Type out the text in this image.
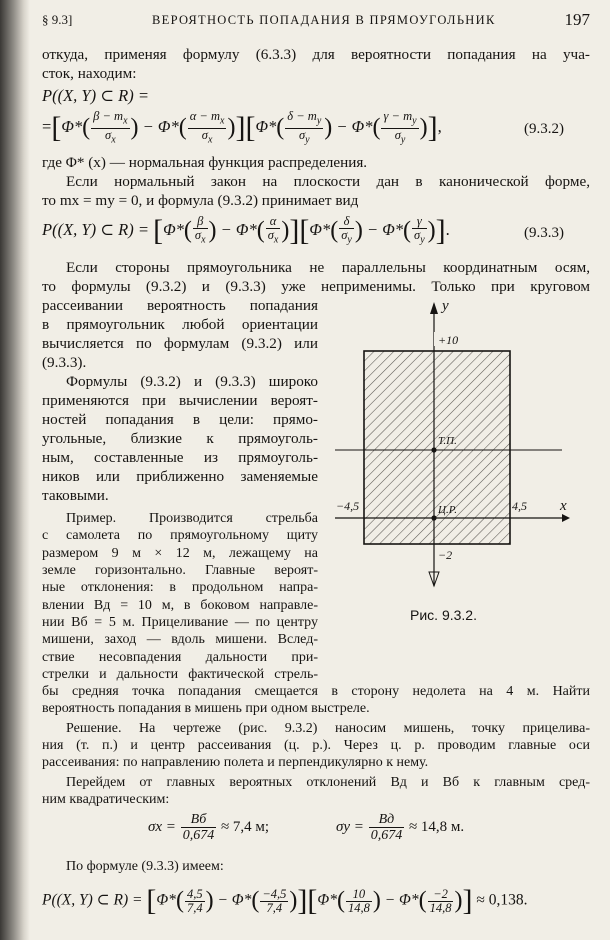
§ 9.3]	ВЕРОЯТНОСТЬ ПОПАДАНИЯ В ПРЯМОУГОЛЬНИК	197
откуда, применяя формулу (6.3.3) для вероятности попадания на уча-
сток, находим:
P((X, Y) ⊂ R) =
$=[\Phi*( \frac{\beta - m_x}{\sigma_x}$ ) − $\Phi*( \frac{\alpha - m_x}{\sigma_x} )][\Phi*( \frac{\delta - m_y}{\sigma_y}$ ) − $\Phi*( \frac{\gamma - m_y}{\sigma_y}$ )],	(9.3.2)
где Φ* (x) — нормальная функция распределения.
Если нормальный закон на плоскости дан в канонической форме,
то mx = my = 0, и формула (9.3.2) принимает вид
P((X, Y) ⊂ $R) = [\Phi*( \frac{\beta}{\sigma_x}$ ) − $\Phi*( \frac{\alpha}{\sigma_x} )][\Phi*( \frac{\delta}{\sigma_y}$ ) − $\Phi*( \frac{\gamma}{\sigma_y}$ )].	(9.3.3)
Если стороны прямоугольника не параллельны координатным осям,
то формулы (9.3.2) и (9.3.3) уже неприменимы. Только при круговом
рассеивании вероятность попадания
в прямоугольник любой ориентации
вычисляется по формулам (9.3.2) или
(9.3.3).
Формулы (9.3.2) и (9.3.3) широко
применяются при вычислении вероят-
ностей попадания в цели: прямо-
угольные, близкие к прямоуголь-
ным, составленные из прямоуголь-
ников или приближенно заменяемые
таковыми.
Пример. Производится стрельба
с самолета по прямоугольному щиту
размером 9 м × 12 м, лежащему на
земле горизонтально. Главные вероят-
ные отклонения: в продольном напра-
влении Bд = 10 м, в боковом направле-
нии Bб = 5 м. Прицеливание — по центру
мишени, заход — вдоль мишени. Вслед-
ствие несовпадения дальности при-
стрелки и дальности фактической стрель-
бы средняя точка попадания смещается в сторону недолета на 4 м. Найти
вероятность попадания в мишень при одном выстреле.
Решение. На чертеже (рис. 9.3.2) наносим мишень, точку прицелива-
ния (т. п.) и центр рассеивания (ц. р.). Через ц. р. проводим главные оси
рассеивания: по направлению полета и перпендикулярно к нему.
Перейдем от главных вероятных отклонений Bд и Bб к главным сред-
ним квадратическим:
$\sigma x = \frac{Bб}{0,674} \approx 7,4$ м;	$\sigma y = \frac{Bд}{0,674} \approx 14,8$ м.
По формуле (9.3.3) имеем:
P((X, Y) ⊂ $R) = [\Phi*( \frac{4,5}{7,4}$ ) − $\Phi*( \frac{-4,5}{7,4} )][\Phi*( \frac{10}{14,8}$ ) − $\Phi*( \frac{-2}{14,8}$ )] ≈ 0,138.
y
x
+10
−2
−4,5	4,5
Т.П.
Ц.Р.
Рис. 9.3.2.
